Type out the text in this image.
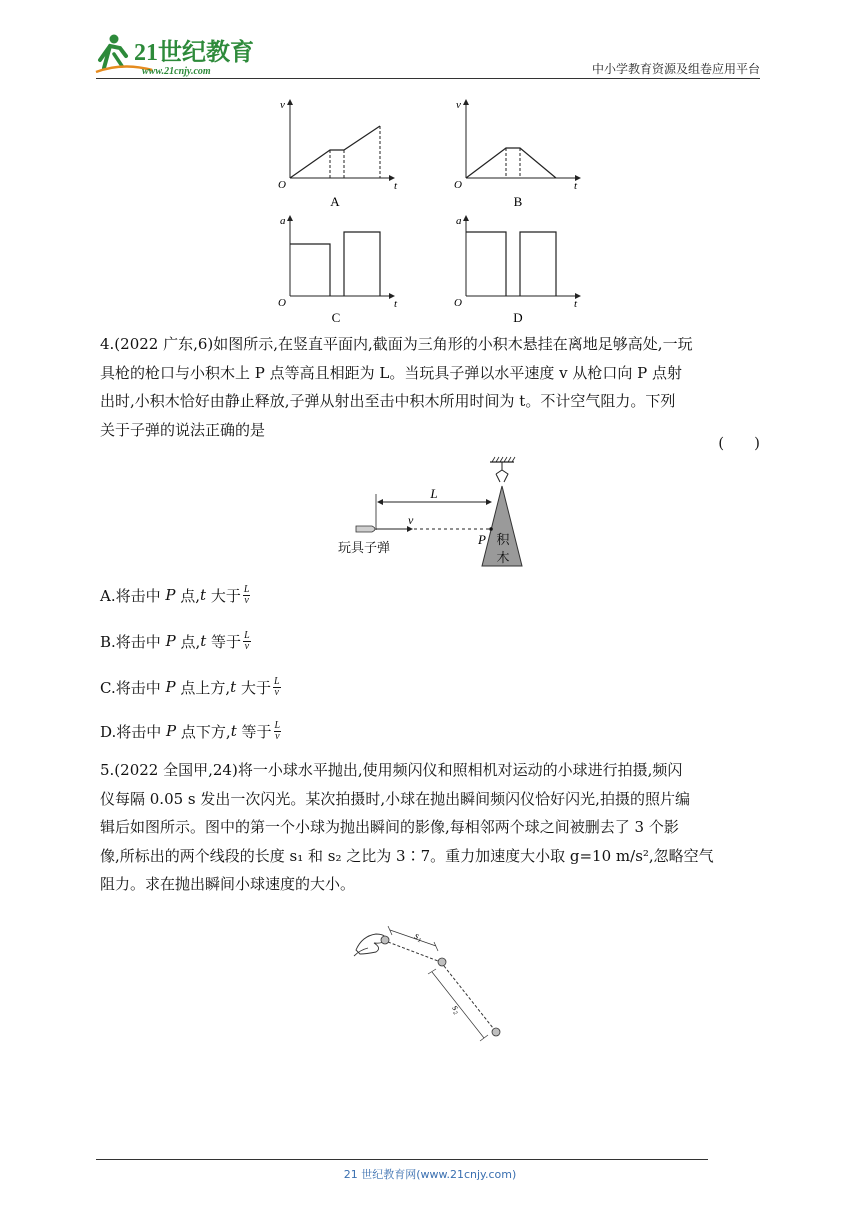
21世纪教育
www.21cnjy.com	中小学教育资源及组卷应用平台
v
O	t
A
v
O	t
B
a
O	t
C
a
O	t
D
4.(2022 广东,6)如图所示,在竖直平面内,截面为三角形的小积木悬挂在离地足够高处,一玩
具枪的枪口与小积木上 P 点等高且相距为 L。当玩具子弹以水平速度 v 从枪口向 P 点射
出时,小积木恰好由静止释放,子弹从射出至击中积木所用时间为 t。不计空气阻力。下列
关于子弹的说法正确的是
(　　)
积
木
L
v
P
玩具子弹
A.将击中
P
点, t
大于 $\frac{L}{v}$
B.将击中
P
点, t
等于 $\frac{L}{v}$
C.将击中
P
点上方, t
大于 $\frac{L}{v}$
D.将击中
P
点下方, t
等于 $\frac{L}{v}$
5.(2022 全国甲,24)将一小球水平抛出,使用频闪仪和照相机对运动的小球进行拍摄,频闪
仪每隔 0.05 s 发出一次闪光。某次拍摄时,小球在抛出瞬间频闪仪恰好闪光,拍摄的照片编
辑后如图所示。图中的第一个小球为抛出瞬间的影像,每相邻两个球之间被删去了 3 个影
像,所标出的两个线段的长度 s₁ 和 s₂ 之比为 3∶7。重力加速度大小取 g=10 m/s²,忽略空气
阻力。求在抛出瞬间小球速度的大小。
s₁
s₂
21 世纪教育网(www.21cnjy.com)
